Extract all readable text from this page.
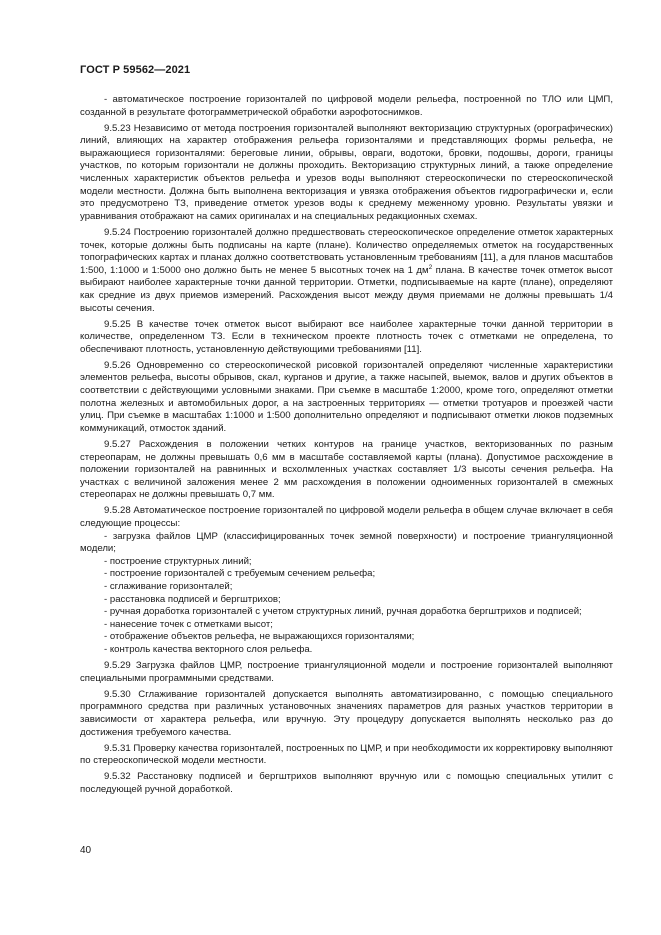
ГОСТ Р 59562—2021

- автоматическое построение горизонталей по цифровой модели рельефа, построенной по ТЛО или ЦМП, созданной в результате фотограмметрической обработки аэрофотоснимков.

9.5.23 Независимо от метода построения горизонталей выполняют векторизацию структурных (орографических) линий, влияющих на характер отображения рельефа горизонталями и представляющих формы рельефа, не выражающиеся горизонталями: береговые линии, обрывы, овраги, водотоки, бровки, подошвы, дороги, границы участков, по которым горизонтали не должны проходить. Векторизацию структурных линий, а также определение численных характеристик объектов рельефа и урезов воды выполняют стереоскопически по стереоскопической модели местности. Должна быть выполнена векторизация и увязка отображения объектов гидрографически и, если это предусмотрено ТЗ, приведение отметок урезов воды к среднему меженному уровню. Результаты увязки и уравнивания отображают на самих оригиналах и на специальных редакционных схемах.

9.5.24 Построению горизонталей должно предшествовать стереоскопическое определение отметок характерных точек, которые должны быть подписаны на карте (плане). Количество определяемых отметок на государственных топографических картах и планах должно соответствовать установленным требованиям [11], а для планов масштабов 1:500, 1:1000 и 1:5000 оно должно быть не менее 5 высотных точек на 1 $дм^2$ плана. В качестве точек отметок высот выбирают наиболее характерные точки данной территории. Отметки, подписываемые на карте (плане), определяют как средние из двух приемов измерений. Расхождения высот между двумя приемами не должны превышать 1/4 высоты сечения.

9.5.25 В качестве точек отметок высот выбирают все наиболее характерные точки данной территории в количестве, определенном ТЗ. Если в техническом проекте плотность точек с отметками не определена, то обеспечивают плотность, установленную действующими требованиями [11].

9.5.26 Одновременно со стереоскопической рисовкой горизонталей определяют численные характеристики элементов рельефа, высоты обрывов, скал, курганов и другие, а также насыпей, выемок, валов и других объектов в соответствии с действующими условными знаками. При съемке в масштабе 1:2000, кроме того, определяют отметки полотна железных и автомобильных дорог, а на застроенных территориях — отметки тротуаров и проезжей части улиц. При съемке в масштабах 1:1000 и 1:500 дополнительно определяют и подписывают отметки люков подземных коммуникаций, отмосток зданий.

9.5.27 Расхождения в положении четких контуров на границе участков, векторизованных по разным стереопарам, не должны превышать 0,6 мм в масштабе составляемой карты (плана). Допустимое расхождение в положении горизонталей на равнинных и всхолмленных участках составляет 1/3 высоты сечения рельефа. На участках с величиной заложения менее 2 мм расхождения в положении одноименных горизонталей в смежных стереопарах не должны превышать 0,7 мм.

9.5.28 Автоматическое построение горизонталей по цифровой модели рельефа в общем случае включает в себя следующие процессы:

- загрузка файлов ЦМР (классифицированных точек земной поверхности) и построение триангуляционной модели;

- построение структурных линий;

- построение горизонталей с требуемым сечением рельефа;

- сглаживание горизонталей;

- расстановка подписей и бергштрихов;

- ручная доработка горизонталей с учетом структурных линий, ручная доработка бергштрихов и подписей;

- нанесение точек с отметками высот;

- отображение объектов рельефа, не выражающихся горизонталями;

- контроль качества векторного слоя рельефа.

9.5.29 Загрузка файлов ЦМР, построение триангуляционной модели и построение горизонталей выполняют специальными программными средствами.

9.5.30 Сглаживание горизонталей допускается выполнять автоматизированно, с помощью специального программного средства при различных установочных значениях параметров для разных участков территории в зависимости от характера рельефа, или вручную. Эту процедуру допускается выполнять несколько раз до достижения требуемого качества.

9.5.31 Проверку качества горизонталей, построенных по ЦМР, и при необходимости их корректировку выполняют по стереоскопической модели местности.

9.5.32 Расстановку подписей и бергштрихов выполняют вручную или с помощью специальных утилит с последующей ручной доработкой.

40
